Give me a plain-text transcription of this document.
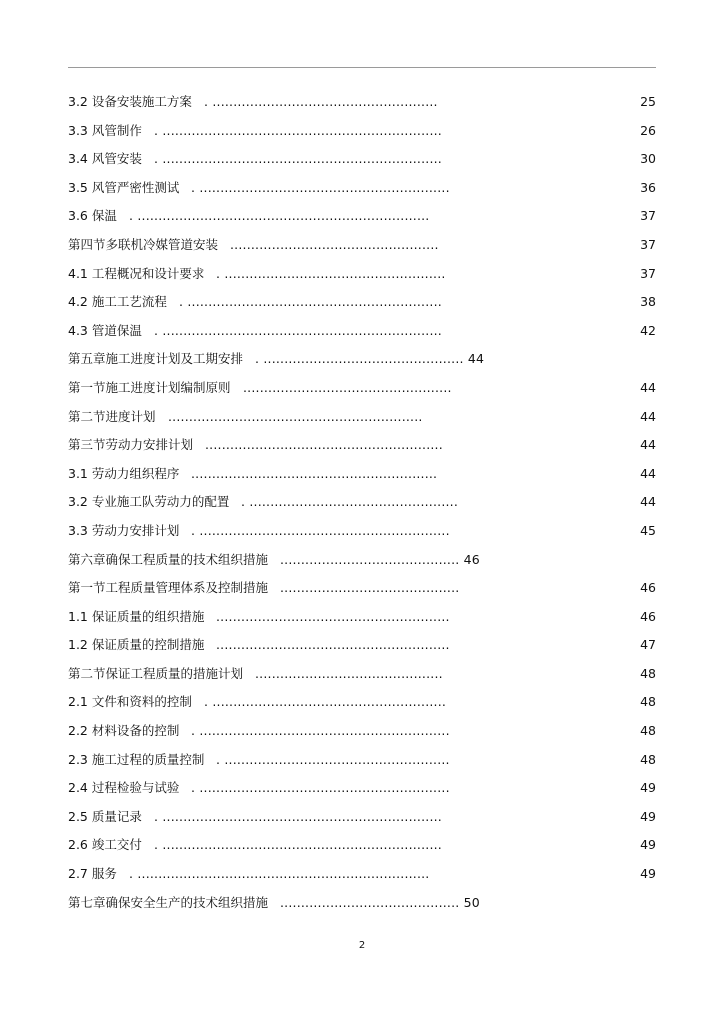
3.2 设备安装施工方案 . ......................................................	25
3.3 风管制作 . ...................................................................	26
3.4 风管安装 . ...................................................................	30
3.5 风管严密性测试 . ............................................................	36
3.6 保温 . ......................................................................	37
第四节多联机冷媒管道安装 ..................................................	37
4.1 工程概况和设计要求 . .....................................................	37
4.2 施工工艺流程 . .............................................................	38
4.3 管道保温 . ...................................................................	42
第五章施工进度计划及工期安排 . ................................................ 44
第一节施工进度计划编制原则 ..................................................	44
第二节进度计划 .............................................................	44
第三节劳动力安排计划 .........................................................	44
3.1 劳动力组织程序 ...........................................................	44
3.2 专业施工队劳动力的配置 . ..................................................	44
3.3 劳动力安排计划 . ............................................................	45
第六章确保工程质量的技术组织措施 ........................................... 46
第一节工程质量管理体系及控制措施 ...........................................	46
1.1 保证质量的组织措施 ........................................................	46
1.2 保证质量的控制措施 ........................................................	47
第二节保证工程质量的措施计划 .............................................	48
2.1 文件和资料的控制 . ........................................................	48
2.2 材料设备的控制 . ............................................................	48
2.3 施工过程的质量控制 . ......................................................	48
2.4 过程检验与试验 . ............................................................	49
2.5 质量记录 . ...................................................................	49
2.6 竣工交付 . ...................................................................	49
2.7 服务 . ......................................................................	49
第七章确保安全生产的技术组织措施 ........................................... 50
2
